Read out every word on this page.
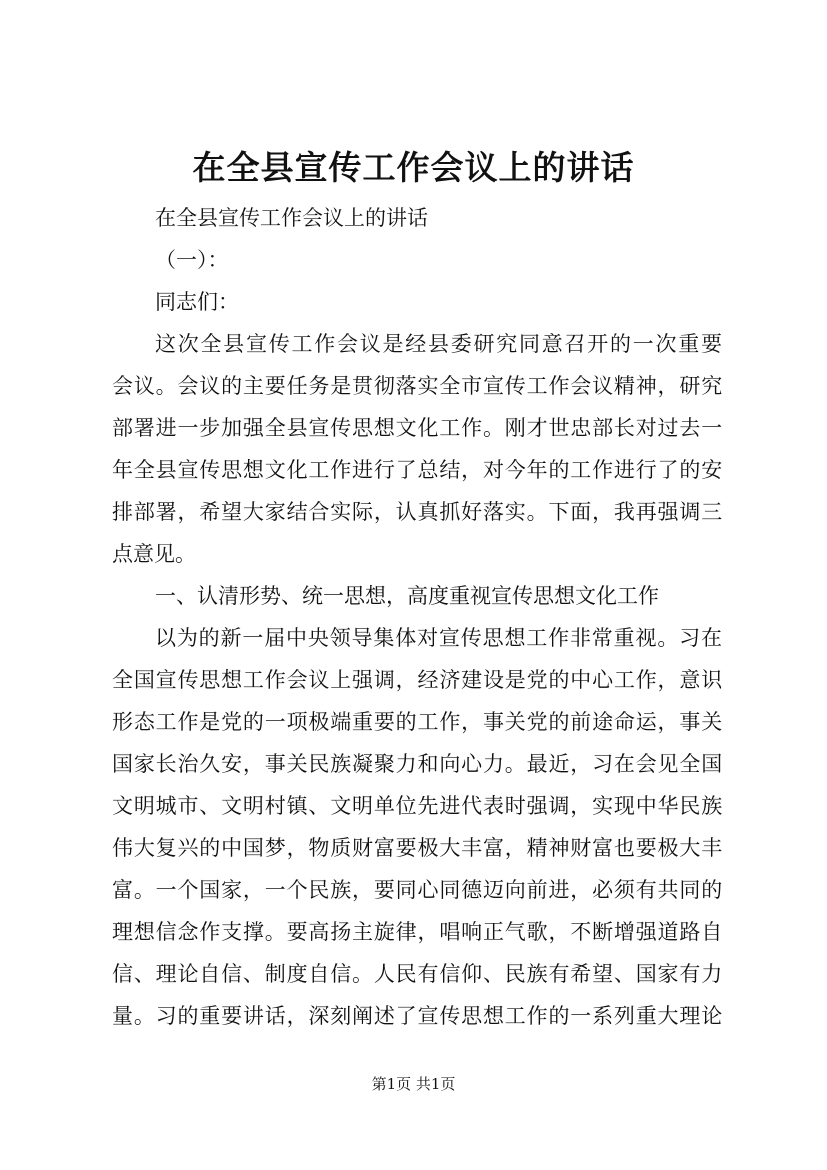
在全县宣传工作会议上的讲话
在全县宣传工作会议上的讲话
（一）：
同志们：
这次全县宣传工作会议是经县委研究同意召开的一次重要
会议。会议的主要任务是贯彻落实全市宣传工作会议精神，研究
部署进一步加强全县宣传思想文化工作。刚才世忠部长对过去一
年全县宣传思想文化工作进行了总结，对今年的工作进行了的安
排部署，希望大家结合实际，认真抓好落实。下面，我再强调三
点意见。
一、认清形势、统一思想，高度重视宣传思想文化工作
以为的新一届中央领导集体对宣传思想工作非常重视。习在
全国宣传思想工作会议上强调，经济建设是党的中心工作，意识
形态工作是党的一项极端重要的工作，事关党的前途命运，事关
国家长治久安，事关民族凝聚力和向心力。最近，习在会见全国
文明城市、文明村镇、文明单位先进代表时强调，实现中华民族
伟大复兴的中国梦，物质财富要极大丰富，精神财富也要极大丰
富。一个国家，一个民族，要同心同德迈向前进，必须有共同的
理想信念作支撑。要高扬主旋律，唱响正气歌，不断增强道路自
信、理论自信、制度自信。人民有信仰、民族有希望、国家有力
量。习的重要讲话，深刻阐述了宣传思想工作的一系列重大理论
第1页 共1页
